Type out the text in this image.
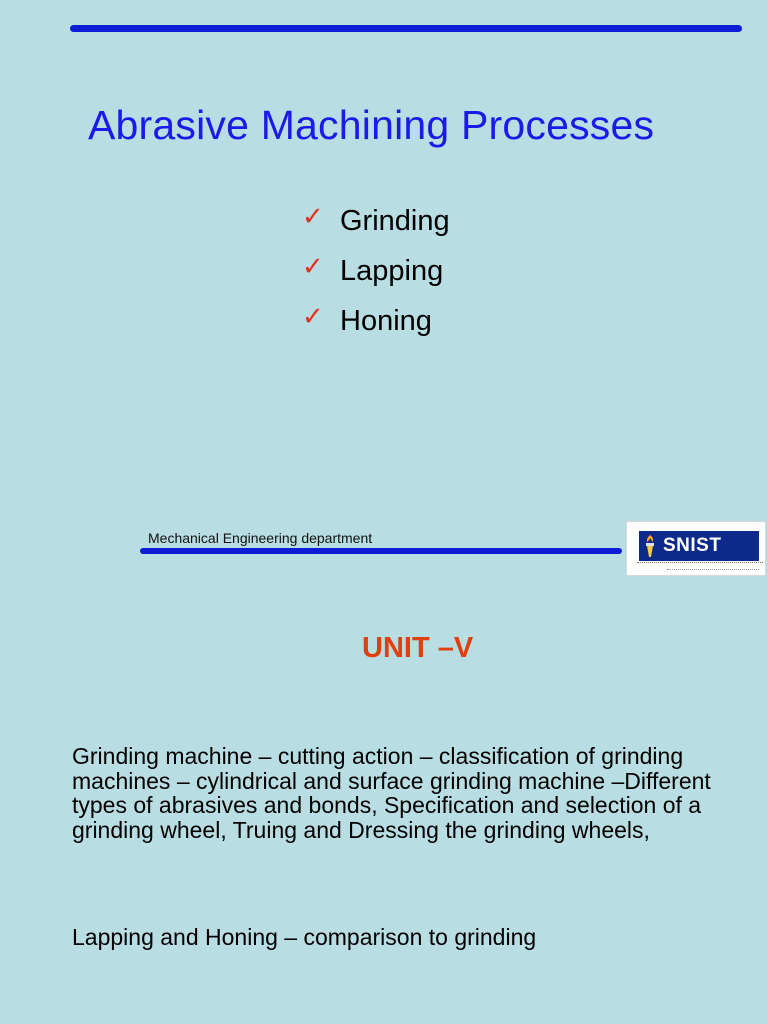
Abrasive Machining Processes
✓ Grinding
✓ Lapping
✓ Honing
Mechanical Engineering department	SNIST
UNIT –V

Grinding machine – cutting action – classification of grinding machines – cylindrical and surface grinding machine –Different types of abrasives and bonds, Specification and selection of a grinding wheel, Truing and Dressing the grinding wheels,

Lapping and Honing – comparison to grinding
